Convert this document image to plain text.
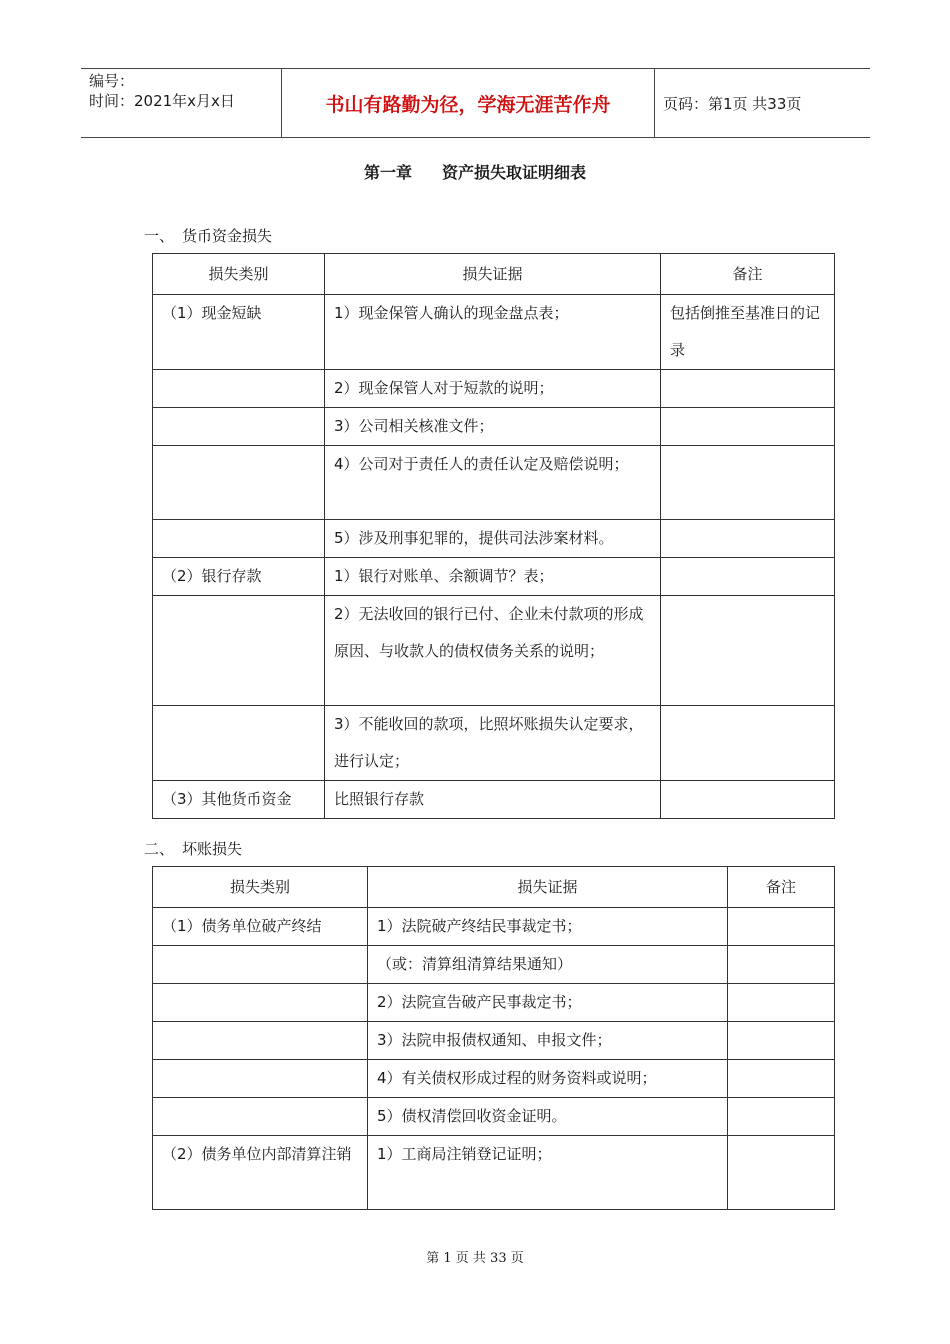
编号：
时间：2021年x月x日	书山有路勤为径，学海无涯苦作舟	页码：第1页 共33页
第一章 资产损失取证明细表
一、 货币资金损失
损失类别	损失证据	备注
（1）现金短缺	1）现金保管人确认的现金盘点表；	包括倒推至基准日的记录
	2）现金保管人对于短款的说明；	
	3）公司相关核准文件；	
	4）公司对于责任人的责任认定及赔偿说明；	
	5）涉及刑事犯罪的，提供司法涉案材料。	
（2）银行存款	1）银行对账单、余额调节？表；	
	2）无法收回的银行已付、企业未付款项的形成原因、与收款人的债权债务关系的说明；	
	3）不能收回的款项，比照坏账损失认定要求，进行认定；	
（3）其他货币资金	比照银行存款	
二、 坏账损失
损失类别	损失证据	备注
（1）债务单位破产终结	1）法院破产终结民事裁定书；	
	（或：清算组清算结果通知）	
	2）法院宣告破产民事裁定书；	
	3）法院申报债权通知、申报文件；	
	4）有关债权形成过程的财务资料或说明；	
	5）债权清偿回收资金证明。	
（2）债务单位内部清算注销	1）工商局注销登记证明；	
第 1 页 共 33 页
